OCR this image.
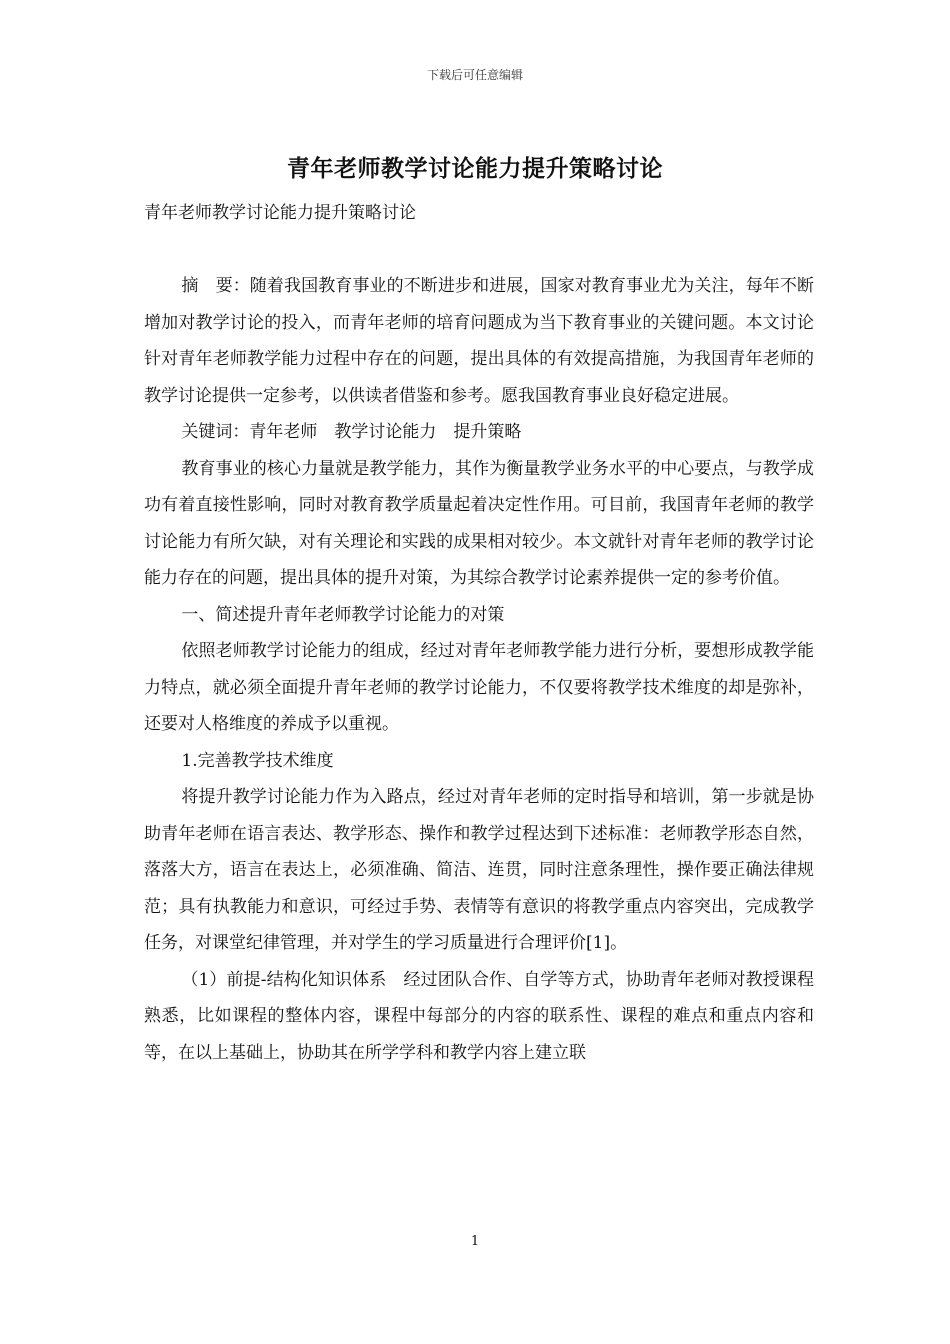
下载后可任意编辑
青年老师教学讨论能力提升策略讨论
青年老师教学讨论能力提升策略讨论

摘　要：随着我国教育事业的不断进步和进展，国家对教育事业尤为关注，每年不断增加对教学讨论的投入，而青年老师的培育问题成为当下教育事业的关键问题。本文讨论针对青年老师教学能力过程中存在的问题，提出具体的有效提高措施，为我国青年老师的教学讨论提供一定参考，以供读者借鉴和参考。愿我国教育事业良好稳定进展。

关键词：青年老师　教学讨论能力　提升策略

教育事业的核心力量就是教学能力，其作为衡量教学业务水平的中心要点，与教学成功有着直接性影响，同时对教育教学质量起着决定性作用。可目前，我国青年老师的教学讨论能力有所欠缺，对有关理论和实践的成果相对较少。本文就针对青年老师的教学讨论能力存在的问题，提出具体的提升对策，为其综合教学讨论素养提供一定的参考价值。

一、简述提升青年老师教学讨论能力的对策

依照老师教学讨论能力的组成，经过对青年老师教学能力进行分析，要想形成教学能力特点，就必须全面提升青年老师的教学讨论能力，不仅要将教学技术维度的却是弥补，还要对人格维度的养成予以重视。

1.完善教学技术维度

将提升教学讨论能力作为入路点，经过对青年老师的定时指导和培训，第一步就是协助青年老师在语言表达、教学形态、操作和教学过程达到下述标准：老师教学形态自然，落落大方，语言在表达上，必须准确、简洁、连贯，同时注意条理性，操作要正确法律规范；具有执教能力和意识，可经过手势、表情等有意识的将教学重点内容突出，完成教学任务，对课堂纪律管理，并对学生的学习质量进行合理评价[1]。

（1）前提-结构化知识体系　经过团队合作、自学等方式，协助青年老师对教授课程熟悉，比如课程的整体内容，课程中每部分的内容的联系性、课程的难点和重点内容和等，在以上基础上，协助其在所学学科和教学内容上建立联

1
